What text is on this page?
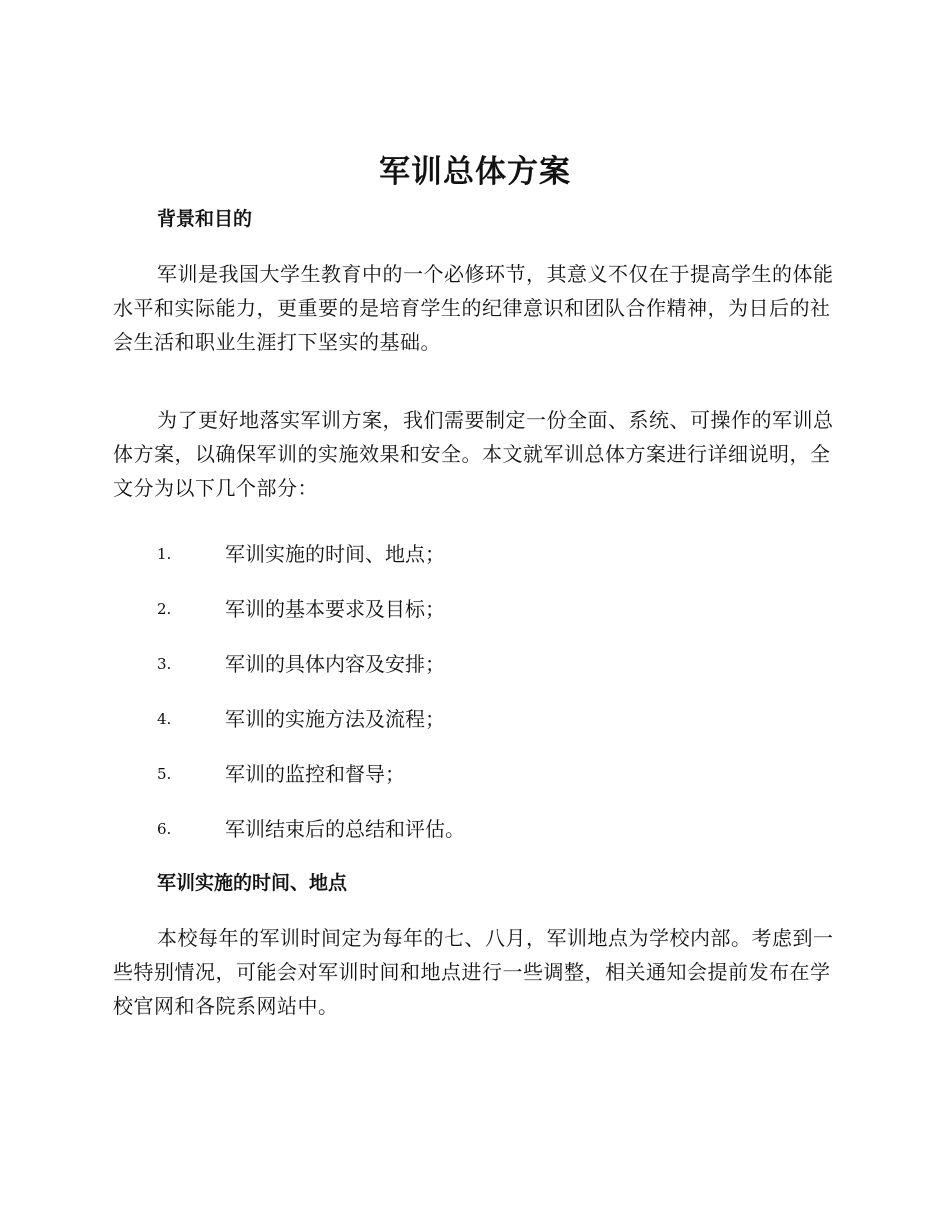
军训总体方案
背景和目的

军训是我国大学生教育中的一个必修环节，其意义不仅在于提高学生的体能水平和实际能力，更重要的是培育学生的纪律意识和团队合作精神，为日后的社会生活和职业生涯打下坚实的基础。

为了更好地落实军训方案，我们需要制定一份全面、系统、可操作的军训总体方案，以确保军训的实施效果和安全。本文就军训总体方案进行详细说明，全文分为以下几个部分：

1.	军训实施的时间、地点；
2.	军训的基本要求及目标；
3.	军训的具体内容及安排；
4.	军训的实施方法及流程；
5.	军训的监控和督导；
6.	军训结束后的总结和评估。
军训实施的时间、地点

本校每年的军训时间定为每年的七、八月，军训地点为学校内部。考虑到一些特别情况，可能会对军训时间和地点进行一些调整，相关通知会提前发布在学校官网和各院系网站中。
